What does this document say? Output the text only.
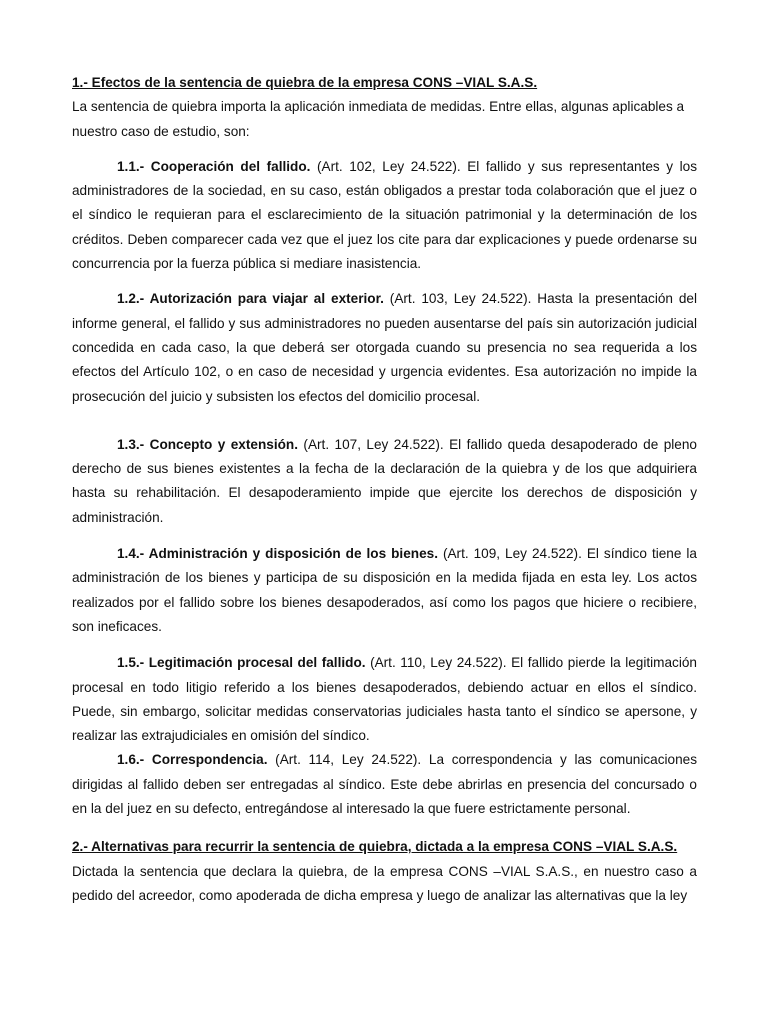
1.- Efectos de la sentencia de quiebra de la empresa CONS –VIAL S.A.S.

La sentencia de quiebra importa la aplicación inmediata de medidas. Entre ellas, algunas aplicables a nuestro caso de estudio, son:

1.1.- Cooperación del fallido. (Art. 102, Ley 24.522). El fallido y sus representantes y los administradores de la sociedad, en su caso, están obligados a prestar toda colaboración que el juez o el síndico le requieran para el esclarecimiento de la situación patrimonial y la determinación de los créditos. Deben comparecer cada vez que el juez los cite para dar explicaciones y puede ordenarse su concurrencia por la fuerza pública si mediare inasistencia.

1.2.- Autorización para viajar al exterior. (Art. 103, Ley 24.522). Hasta la presentación del informe general, el fallido y sus administradores no pueden ausentarse del país sin autorización judicial concedida en cada caso, la que deberá ser otorgada cuando su presencia no sea requerida a los efectos del Artículo 102, o en caso de necesidad y urgencia evidentes. Esa autorización no impide la prosecución del juicio y subsisten los efectos del domicilio procesal.

1.3.- Concepto y extensión. (Art. 107, Ley 24.522). El fallido queda desapoderado de pleno derecho de sus bienes existentes a la fecha de la declaración de la quiebra y de los que adquiriera hasta su rehabilitación. El desapoderamiento impide que ejercite los derechos de disposición y administración.

1.4.- Administración y disposición de los bienes. (Art. 109, Ley 24.522). El síndico tiene la administración de los bienes y participa de su disposición en la medida fijada en esta ley. Los actos realizados por el fallido sobre los bienes desapoderados, así como los pagos que hiciere o recibiere, son ineficaces.

1.5.- Legitimación procesal del fallido. (Art. 110, Ley 24.522). El fallido pierde la legitimación procesal en todo litigio referido a los bienes desapoderados, debiendo actuar en ellos el síndico. Puede, sin embargo, solicitar medidas conservatorias judiciales hasta tanto el síndico se apersone, y realizar las extrajudiciales en omisión del síndico.

1.6.- Correspondencia. (Art. 114, Ley 24.522). La correspondencia y las comunicaciones dirigidas al fallido deben ser entregadas al síndico. Este debe abrirlas en presencia del concursado o en la del juez en su defecto, entregándose al interesado la que fuere estrictamente personal.

2.- Alternativas para recurrir la sentencia de quiebra, dictada a la empresa CONS –VIAL S.A.S.

Dictada la sentencia que declara la quiebra, de la empresa CONS –VIAL S.A.S., en nuestro caso a pedido del acreedor, como apoderada de dicha empresa y luego de analizar las alternativas que la ley
